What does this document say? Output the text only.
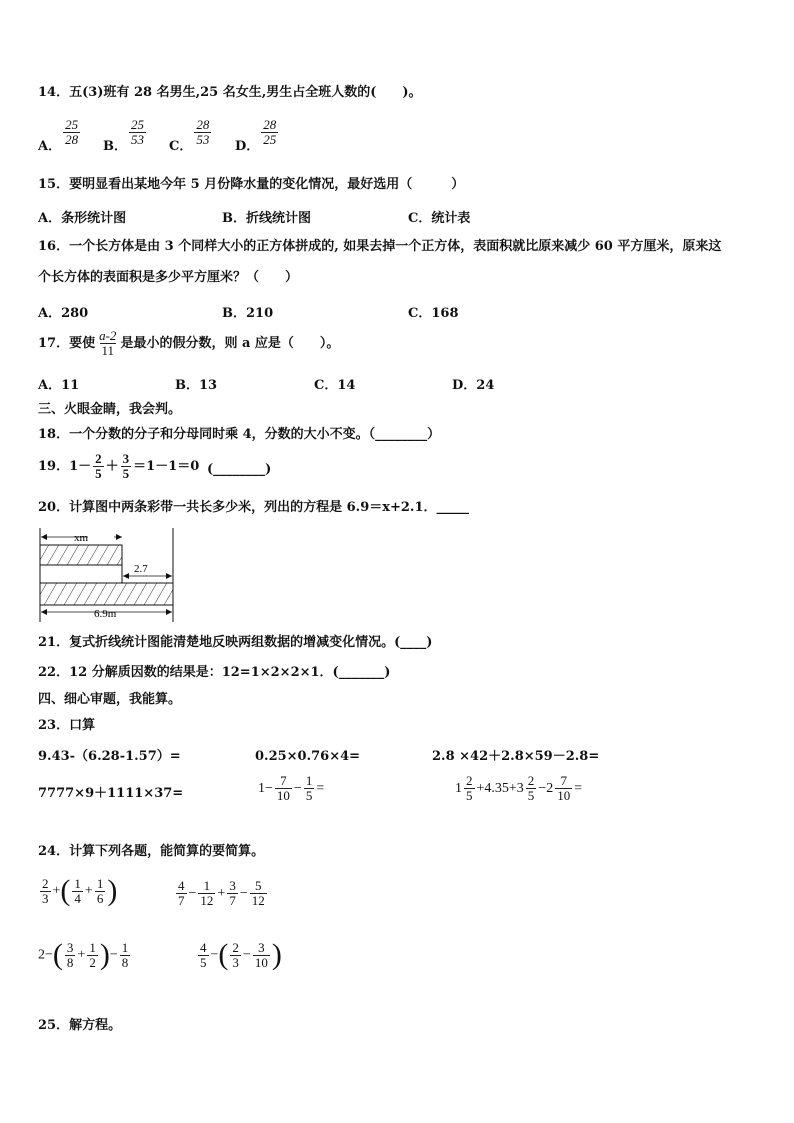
14．五(3)班有 28 名男生,25 名女生,男生占全班人数的(　　)。
A． $\frac{25}{28}$ B． $\frac{25}{53}$ C． $\frac{28}{53}$ D． $\frac{28}{25}$
15．要明显看出某地今年 5 月份降水量的变化情况，最好选用（　　　）
A．条形统计图	B．折线统计图	C．统计表
16．一个长方体是由 3 个同样大小的正方体拼成的, 如果去掉一个正方体，表面积就比原来减少 60 平方厘米，原来这
个长方体的表面积是多少平方厘米？（　　）
A．280	B．210	C．168
17．要使 $\frac{a-2}{11}$ 是最小的假分数，则 a 应是（　　）。
A．11	B．13	C．14	D．24
三、火眼金睛，我会判。
18．一个分数的分子和分母同时乘 4，分数的大小不变。（________）
19．$1- \frac{2}{5} + \frac{3}{5} =1-1=0$ (________)
20．计算图中两条彩带一共长多少米，列出的方程是 6.9＝x+2.1．_____
xm
2.7
6.9m
21．复式折线统计图能清楚地反映两组数据的增减变化情况。(____)
22．12 分解质因数的结果是：12=1×2×2×1．(_______)
四、细心审题，我能算。
23．口算
9.43-（6.28-1.57）=	0.25×0.76×4=	2.8 ×42＋2.8×59－2.8=
7777×9＋1111×37=	$1- \frac{7}{10} - \frac{1}{5}$ =	$1 \frac{2}{5} +4.35+3 \frac{2}{5} -2 \frac{7}{10}$ =
24．计算下列各题，能简算的要简算。
$\frac{2}{3}$ +( $\frac{1}{4} + \frac{1}{6}$ )	$\frac{4}{7} - \frac{1}{12} + \frac{3}{7} - \frac{5}{12}$
$2-( \frac{3}{8} + \frac{1}{2}$ )− $\frac{1}{8}$	$\frac{4}{5}$ −( $\frac{2}{3} - \frac{3}{10}$ )
25．解方程。
